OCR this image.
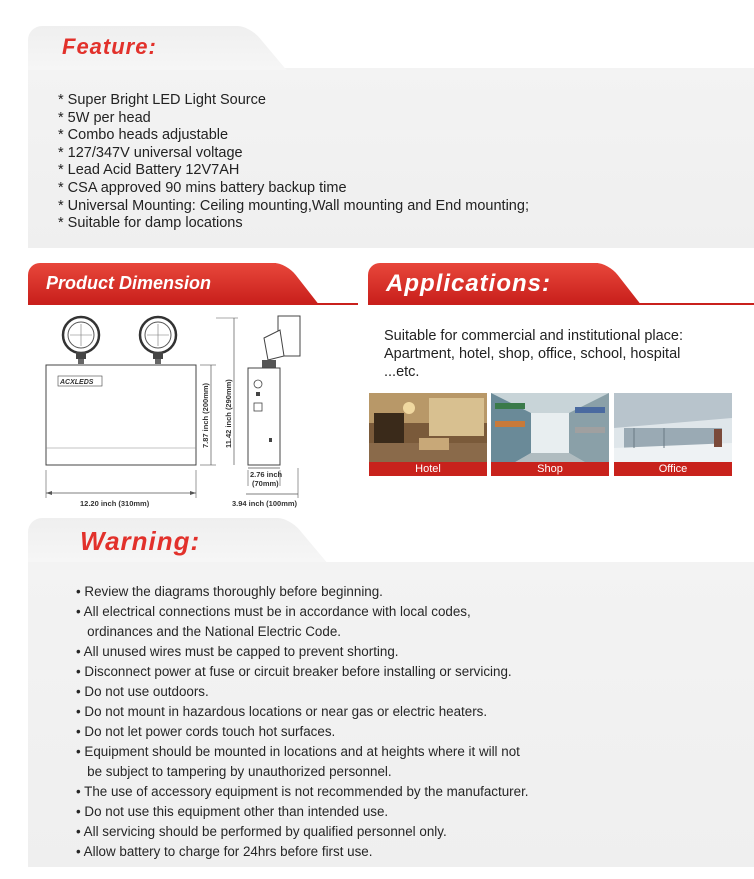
Feature:
* Super Bright LED Light Source
* 5W per head
* Combo heads adjustable
* 127/347V universal voltage
* Lead Acid Battery 12V7AH
* CSA approved 90 mins battery backup time
* Universal Mounting: Ceiling mounting,Wall mounting and End mounting;
* Suitable for damp locations
Product Dimension
ACXLEDS
12.20 inch (310mm)
7.87 inch (200mm) 11.42 inch (290mm)
2.76 inch
(70mm)
3.94 inch (100mm)
Applications:
Suitable for commercial and institutional place:
Apartment, hotel, shop, office, school, hospital
...etc.
Hotel	Shop	Office
Warning:
• Review the diagrams thoroughly before beginning.
• All electrical connections must be in accordance with local codes,
ordinances and the National Electric Code.
• All unused wires must be capped to prevent shorting.
• Disconnect power at fuse or circuit breaker before installing or servicing.
• Do not use outdoors.
• Do not mount in hazardous locations or near gas or electric heaters.
• Do not let power cords touch hot surfaces.
• Equipment should be mounted in locations and at heights where it will not
be subject to tampering by unauthorized personnel.
• The use of accessory equipment is not recommended by the manufacturer.
• Do not use this equipment other than intended use.
• All servicing should be performed by qualified personnel only.
• Allow battery to charge for 24hrs before first use.
